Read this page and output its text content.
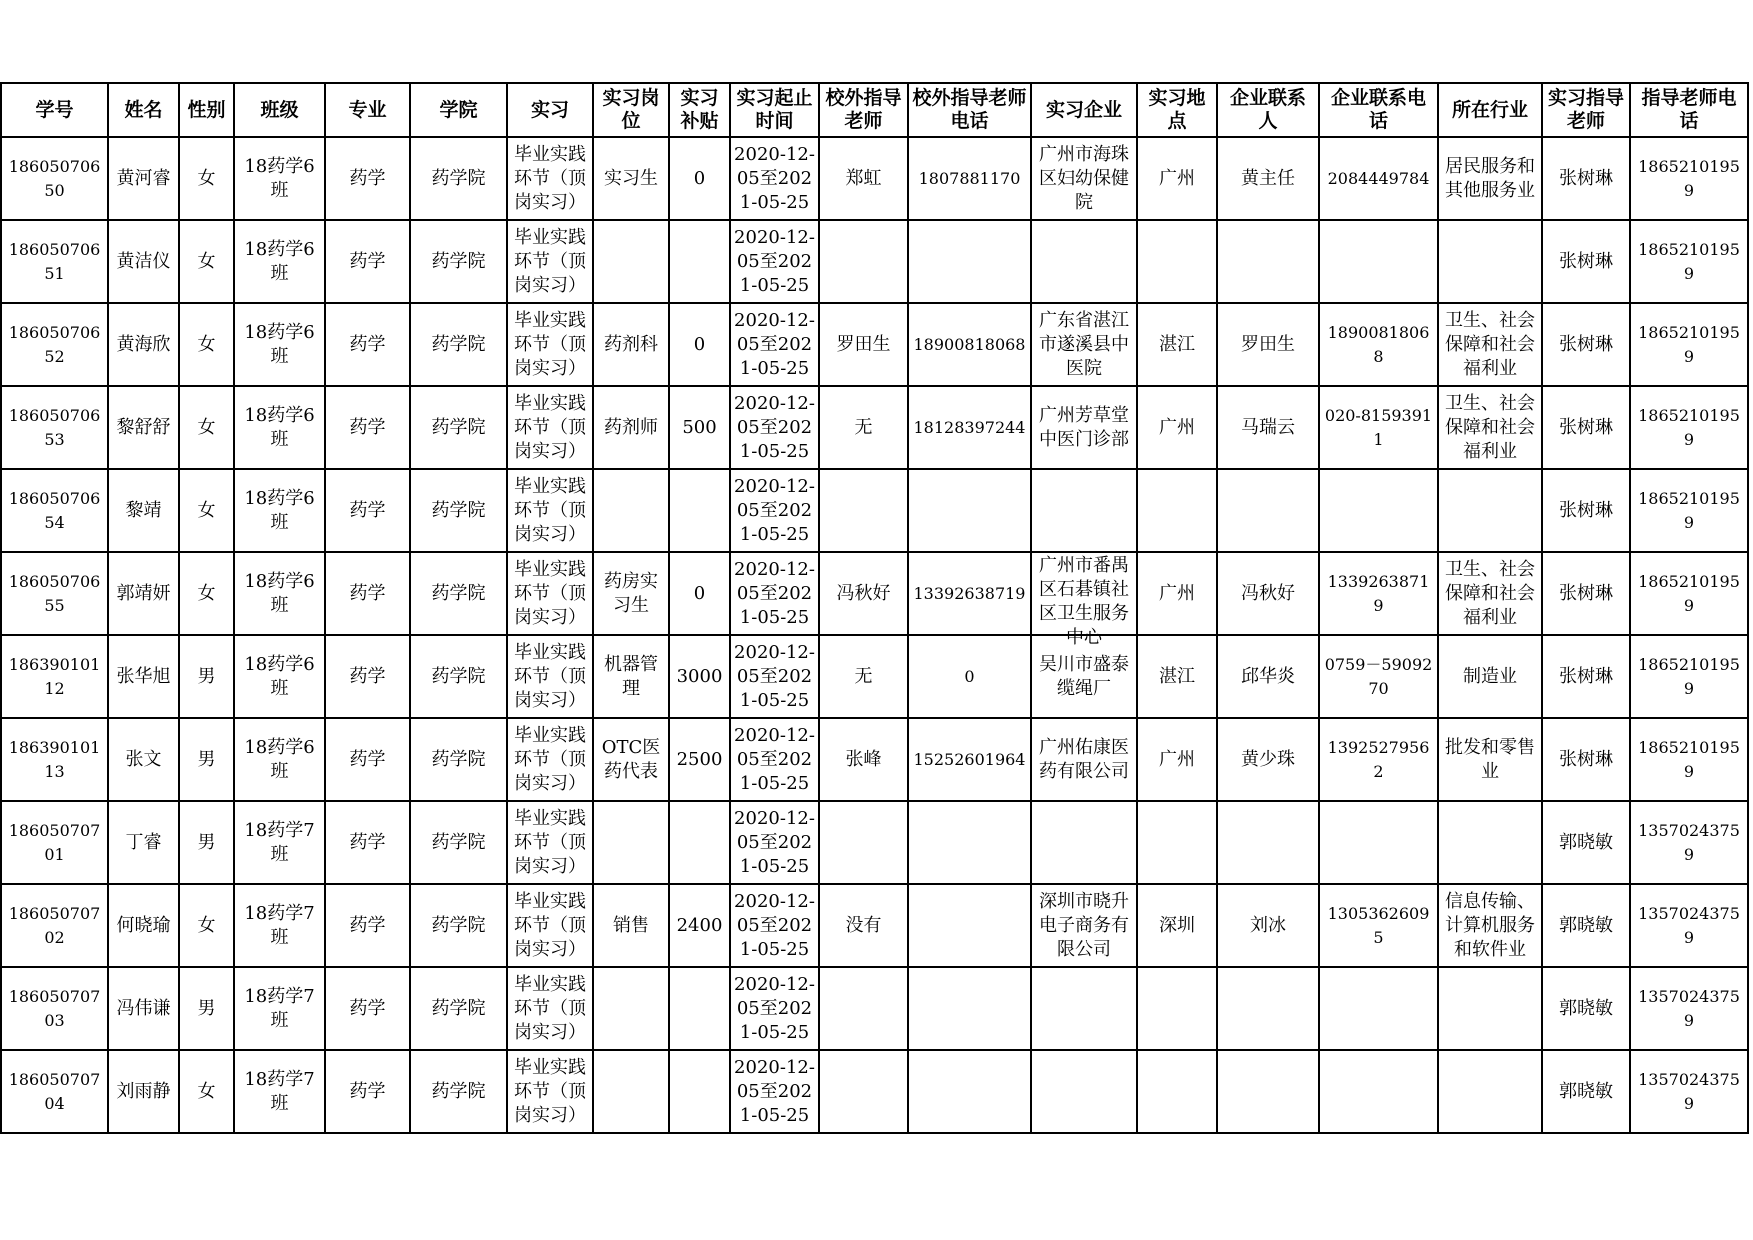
学号	姓名	性别	班级	专业	学院	实习	实习岗位	实习补贴	实习起止时间	校外指导老师	校外指导老师电话	实习企业	实习地点	企业联系人	企业联系电话	所在行业	实习指导老师	指导老师电话

18605070650	黄河睿	女	18药学6班	药学	药学院	毕业实践环节（顶岗实习）	实习生	0	2020-12-05至2021-05-25	郑虹	1807881170	广州市海珠区妇幼保健院	广州	黄主任	2084449784	居民服务和其他服务业	张树琳	18652101959

18605070651	黄洁仪	女	18药学6班	药学	药学院	毕业实践环节（顶岗实习）			2020-12-05至2021-05-25								张树琳	18652101959

18605070652	黄海欣	女	18药学6班	药学	药学院	毕业实践环节（顶岗实习）	药剂科	0	2020-12-05至2021-05-25	罗田生	18900818068	广东省湛江市遂溪县中医院	湛江	罗田生	18900818068	卫生、社会保障和社会福利业	张树琳	18652101959

18605070653	黎舒舒	女	18药学6班	药学	药学院	毕业实践环节（顶岗实习）	药剂师	500	2020-12-05至2021-05-25	无	18128397244	广州芳草堂中医门诊部	广州	马瑞云	020-81593911	卫生、社会保障和社会福利业	张树琳	18652101959

18605070654	黎靖	女	18药学6班	药学	药学院	毕业实践环节（顶岗实习）			2020-12-05至2021-05-25								张树琳	18652101959

18605070655	郭靖妍	女	18药学6班	药学	药学院	毕业实践环节（顶岗实习）	药房实习生	0	2020-12-05至2021-05-25	冯秋好	13392638719	广州市番禺区石碁镇社区卫生服务中心	广州	冯秋好	13392638719	卫生、社会保障和社会福利业	张树琳	18652101959

18639010112	张华旭	男	18药学6班	药学	药学院	毕业实践环节（顶岗实习）	机器管理	3000	2020-12-05至2021-05-25	无	0	吴川市盛泰缆绳厂	湛江	邱华炎	0759－5909270	制造业	张树琳	18652101959

18639010113	张文	男	18药学6班	药学	药学院	毕业实践环节（顶岗实习）	OTC医药代表	2500	2020-12-05至2021-05-25	张峰	15252601964	广州佑康医药有限公司	广州	黄少珠	13925279562	批发和零售业	张树琳	18652101959

18605070701	丁睿	男	18药学7班	药学	药学院	毕业实践环节（顶岗实习）			2020-12-05至2021-05-25								郭晓敏	13570243759

18605070702	何晓瑜	女	18药学7班	药学	药学院	毕业实践环节（顶岗实习）	销售	2400	2020-12-05至2021-05-25	没有		深圳市晓升电子商务有限公司	深圳	刘冰	13053626095	信息传输、计算机服务和软件业	郭晓敏	13570243759

18605070703	冯伟谦	男	18药学7班	药学	药学院	毕业实践环节（顶岗实习）			2020-12-05至2021-05-25								郭晓敏	13570243759

18605070704	刘雨静	女	18药学7班	药学	药学院	毕业实践环节（顶岗实习）			2020-12-05至2021-05-25								郭晓敏	13570243759
